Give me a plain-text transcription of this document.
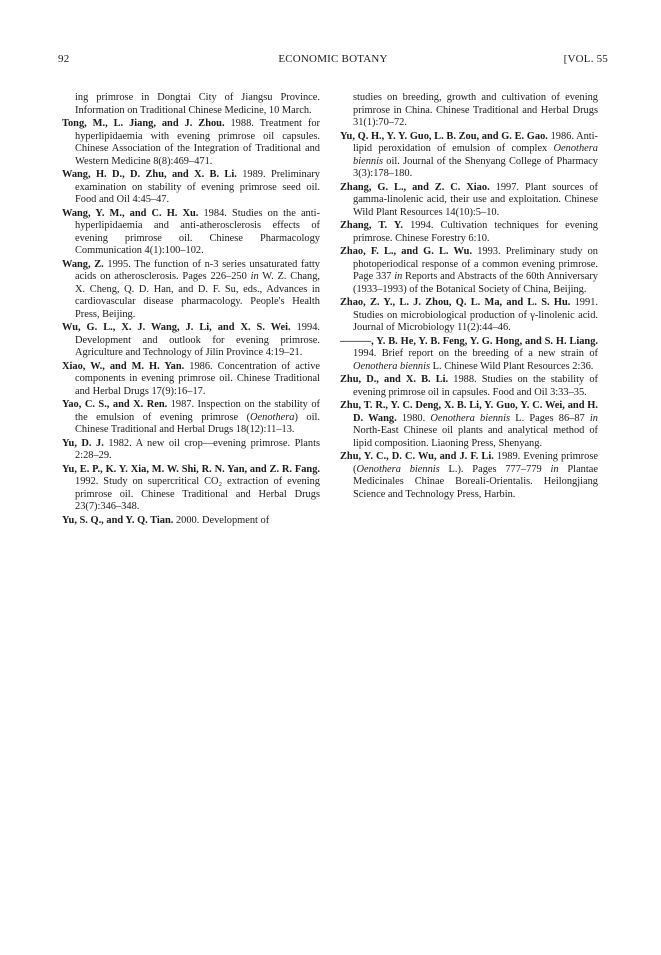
92	ECONOMIC BOTANY	[VOL. 55

ing primrose in Dongtai City of Jiangsu Province. Information on Traditional Chinese Medicine, 10 March.

Tong, M., L. Jiang, and J. Zhou. 1988. Treatment for hyperlipidaemia with evening primrose oil capsules. Chinese Association of the Integration of Traditional and Western Medicine 8(8):469–471.

Wang, H. D., D. Zhu, and X. B. Li. 1989. Preliminary examination on stability of evening primrose seed oil. Food and Oil 4:45–47.

Wang, Y. M., and C. H. Xu. 1984. Studies on the anti-hyperlipidaemia and anti-atherosclerosis effects of evening primrose oil. Chinese Pharmacology Communication 4(1):100–102.

Wang, Z. 1995. The function of n-3 series unsaturated fatty acids on atherosclerosis. Pages 226–250 in W. Z. Chang, X. Cheng, Q. D. Han, and D. F. Su, eds., Advances in cardiovascular disease pharmacology. People's Health Press, Beijing.

Wu, G. L., X. J. Wang, J. Li, and X. S. Wei. 1994. Development and outlook for evening primrose. Agriculture and Technology of Jilin Province 4:19–21.

Xiao, W., and M. H. Yan. 1986. Concentration of active components in evening primrose oil. Chinese Traditional and Herbal Drugs 17(9):16–17.

Yao, C. S., and X. Ren. 1987. Inspection on the stability of the emulsion of evening primrose (Oenothera) oil. Chinese Traditional and Herbal Drugs 18(12):11–13.

Yu, D. J. 1982. A new oil crop—evening primrose. Plants 2:28–29.

Yu, E. P., K. Y. Xia, M. W. Shi, R. N. Yan, and Z. R. Fang. 1992. Study on supercritical CO₂ extraction of evening primrose oil. Chinese Traditional and Herbal Drugs 23(7):346–348.

Yu, S. Q., and Y. Q. Tian. 2000. Development of

studies on breeding, growth and cultivation of evening primrose in China. Chinese Traditional and Herbal Drugs 31(1):70–72.

Yu, Q. H., Y. Y. Guo, L. B. Zou, and G. E. Gao. 1986. Anti-lipid peroxidation of emulsion of complex Oenothera biennis oil. Journal of the Shenyang College of Pharmacy 3(3):178–180.

Zhang, G. L., and Z. C. Xiao. 1997. Plant sources of gamma-linolenic acid, their use and exploitation. Chinese Wild Plant Resources 14(10):5–10.

Zhang, T. Y. 1994. Cultivation techniques for evening primrose. Chinese Forestry 6:10.

Zhao, F. L., and G. L. Wu. 1993. Preliminary study on photoperiodical response of a common evening primrose. Page 337 in Reports and Abstracts of the 60th Anniversary (1933–1993) of the Botanical Society of China, Beijing.

Zhao, Z. Y., L. J. Zhou, Q. L. Ma, and L. S. Hu. 1991. Studies on microbiological production of γ-linolenic acid. Journal of Microbiology 11(2):44–46.

———, Y. B. He, Y. B. Feng, Y. G. Hong, and S. H. Liang. 1994. Brief report on the breeding of a new strain of Oenothera biennis L. Chinese Wild Plant Resources 2:36.

Zhu, D., and X. B. Li. 1988. Studies on the stability of evening primrose oil in capsules. Food and Oil 3:33–35.

Zhu, T. R., Y. C. Deng, X. B. Li, Y. Guo, Y. C. Wei, and H. D. Wang. 1980. Oenothera biennis L. Pages 86–87 in North-East Chinese oil plants and analytical method of lipid composition. Liaoning Press, Shenyang.

Zhu, Y. C., D. C. Wu, and J. F. Li. 1989. Evening primrose (Oenothera biennis L.). Pages 777–779 in Plantae Medicinales Chinae Boreali-Orientalis. Heilongjiang Science and Technology Press, Harbin.
